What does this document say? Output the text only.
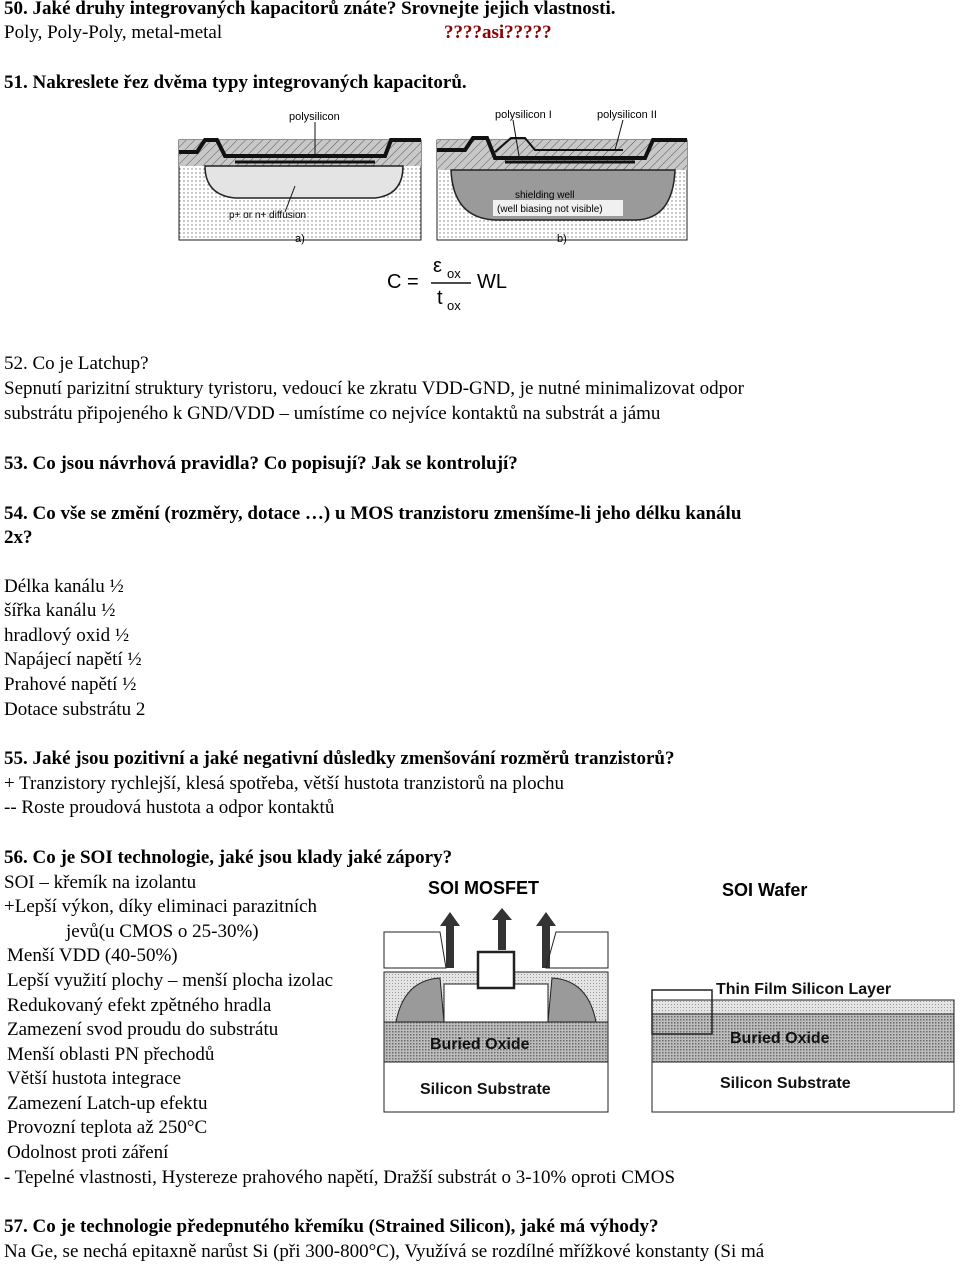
50. Jaké druhy integrovaných kapacitorů znáte? Srovnejte jejich vlastnosti.
Poly, Poly-Poly, metal-metal	????asi?????
51. Nakreslete řez dvěma typy integrovaných kapacitorů.
polysilicon
p+ or n+ diffusion
a)
polysilicon I	polysilicon II
shielding well
(well biasing not visible)
b)
C =
ε ox
t ox
WL
52. Co je Latchup?
Sepnutí parizitní struktury tyristoru, vedoucí ke zkratu VDD-GND, je nutné minimalizovat odpor
substrátu připojeného k GND/VDD – umístíme co nejvíce kontaktů na substrát a jámu
53. Co jsou návrhová pravidla? Co popisují? Jak se kontrolují?
54. Co vše se změní (rozměry, dotace …) u MOS tranzistoru zmenšíme-li jeho délku kanálu
2x?
Délka kanálu ½
šířka kanálu ½
hradlový oxid ½
Napájecí napětí ½
Prahové napětí ½
Dotace substrátu 2
55. Jaké jsou pozitivní a jaké negativní důsledky zmenšování rozměrů tranzistorů?
+ Tranzistory rychlejší, klesá spotřeba, větší hustota tranzistorů na plochu
-- Roste proudová hustota a odpor kontaktů
56. Co je SOI technologie, jaké jsou klady jaké zápory?
SOI – křemík na izolantu
+Lepší výkon, díky eliminaci parazitních
jevů(u CMOS o 25-30%)
Menší VDD (40-50%)
Lepší využití plochy – menší plocha izolac
Redukovaný efekt zpětného hradla
Zamezení svod proudu do substrátu
Menší oblasti PN přechodů
Větší hustota integrace
Zamezení Latch-up efektu
Provozní teplota až 250°C
Odolnost proti záření
- Tepelné vlastnosti, Hystereze prahového napětí, Dražší substrát o 3-10% oproti CMOS
SOI MOSFET	SOI Wafer
Buried Oxide
Silicon Substrate
Thin Film Silicon Layer
Buried Oxide
Silicon Substrate
57. Co je technologie předepnutého křemíku (Strained Silicon), jaké má výhody?
Na Ge, se nechá epitaxně narůst Si (při 300-800°C), Využívá se rozdílné mřížkové konstanty (Si má
